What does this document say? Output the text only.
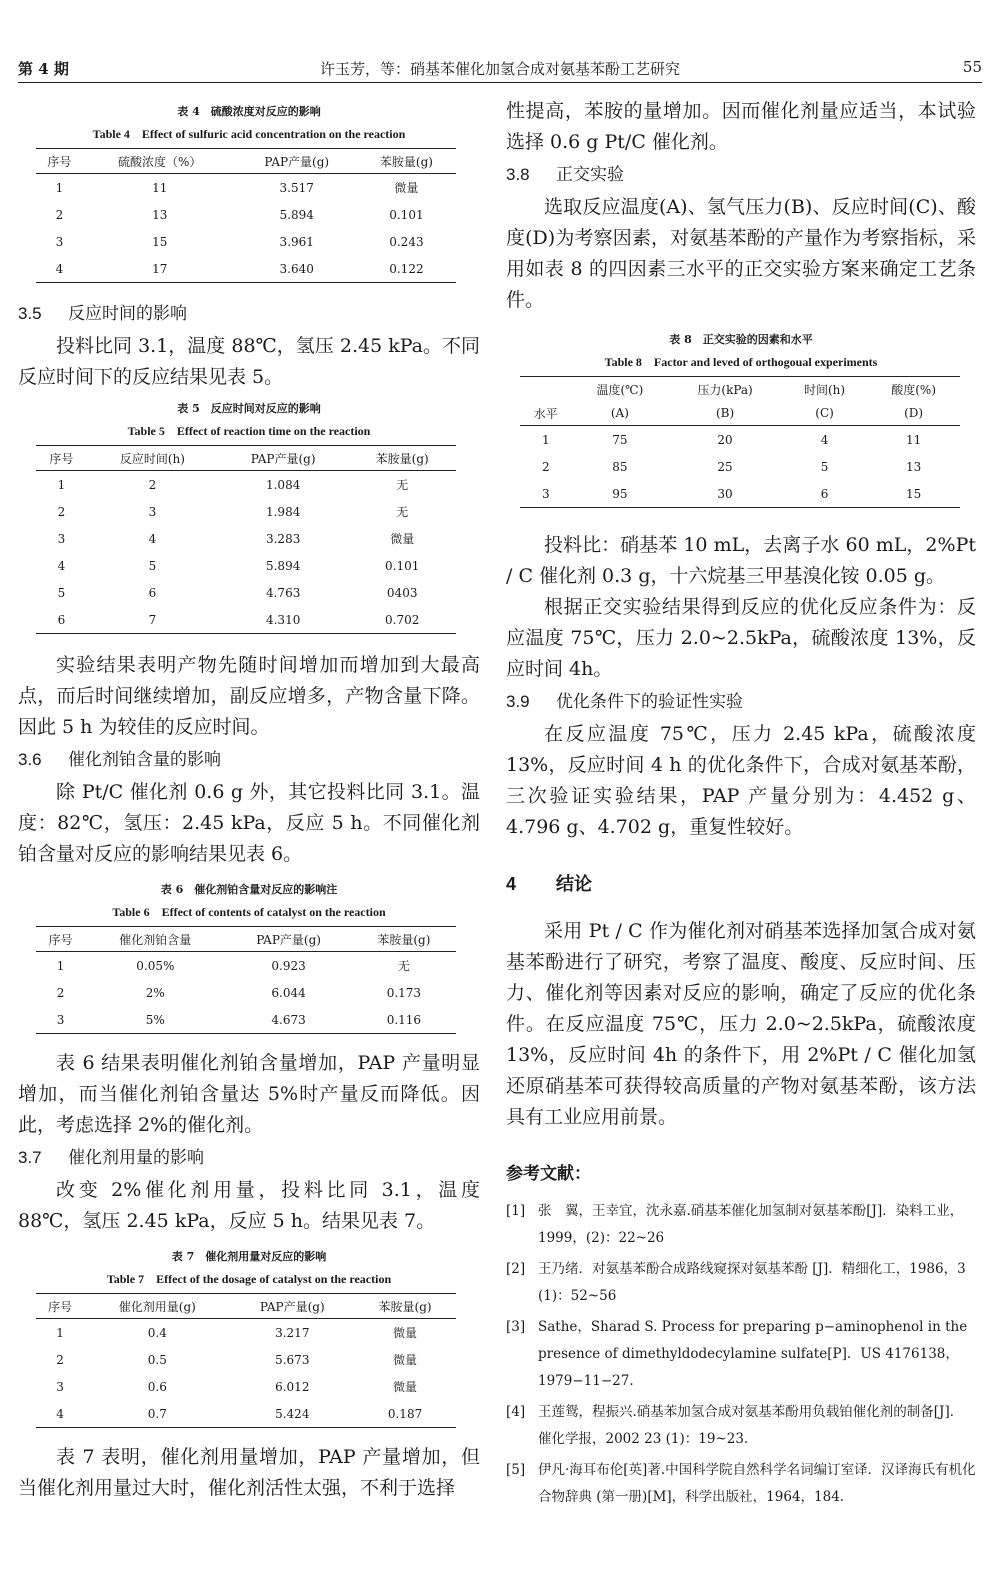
第 4 期	许玉芳，等：硝基苯催化加氢合成对氨基苯酚工艺研究	55
表 4　硫酸浓度对反应的影响
Table 4　Effect of sulfuric acid concentration on the reaction
序号	硫酸浓度（%）	PAP产量(g)	苯胺量(g)
1	11	3.517	微量
2	13	5.894	0.101
3	15	3.961	0.243
4	17	3.640	0.122
3.5 反应时间的影响

投料比同 3.1，温度 88℃，氢压 2.45 kPa。不同反应时间下的反应结果见表 5。

表 5　反应时间对反应的影响
Table 5　Effect of reaction time on the reaction
序号	反应时间(h)	PAP产量(g)	苯胺量(g)
1	2	1.084	无
2	3	1.984	无
3	4	3.283	微量
4	5	5.894	0.101
5	6	4.763	0403
6	7	4.310	0.702

实验结果表明产物先随时间增加而增加到大最高点，而后时间继续增加，副反应增多，产物含量下降。因此 5 h 为较佳的反应时间。

3.6 催化剂铂含量的影响

除 Pt/C 催化剂 0.6 g 外，其它投料比同 3.1。温度：82℃，氢压：2.45 kPa，反应 5 h。不同催化剂铂含量对反应的影响结果见表 6。

表 6　催化剂铂含量对反应的影响注
Table 6　Effect of contents of catalyst on the reaction
序号	催化剂铂含量	PAP产量(g)	苯胺量(g)
1	0.05%	0.923	无
2	2%	6.044	0.173
3	5%	4.673	0.116

表 6 结果表明催化剂铂含量增加，PAP 产量明显增加，而当催化剂铂含量达 5%时产量反而降低。因此，考虑选择 2%的催化剂。

3.7 催化剂用量的影响

改变 2%催化剂用量，投料比同 3.1，温度 88℃，氢压 2.45 kPa，反应 5 h。结果见表 7。

表 7　催化剂用量对反应的影响
Table 7　Effect of the dosage of catalyst on the reaction
序号	催化剂用量(g)	PAP产量(g)	苯胺量(g)
1	0.4	3.217	微量
2	0.5	5.673	微量
3	0.6	6.012	微量
4	0.7	5.424	0.187

表 7 表明，催化剂用量增加，PAP 产量增加，但当催化剂用量过大时，催化剂活性太强，不利于选择

性提高，苯胺的量增加。因而催化剂量应适当，本试验选择 0.6 g Pt/C 催化剂。

3.8 正交实验

选取反应温度(A)、氢气压力(B)、反应时间(C)、酸度(D)为考察因素，对氨基苯酚的产量作为考察指标，采用如表 8 的四因素三水平的正交实验方案来确定工艺条件。

表 8　正交实验的因素和水平
Table 8　Factor and leved of orthogoual experiments
	温度(℃)	压力(kPa)	时间(h)	酸度(%)
水平	(A)	(B)	(C)	(D)
1	75	20	4	11
2	85	25	5	13
3	95	30	6	15

投料比：硝基苯 10 mL，去离子水 60 mL，2%Pt / C 催化剂 0.3 g，十六烷基三甲基溴化铵 0.05 g。

根据正交实验结果得到反应的优化反应条件为：反应温度 75℃，压力 2.0~2.5kPa，硫酸浓度 13%，反应时间 4h。

3.9 优化条件下的验证性实验

在反应温度 75℃，压力 2.45 kPa，硫酸浓度 13%，反应时间 4 h 的优化条件下，合成对氨基苯酚，三次验证实验结果，PAP 产量分别为：4.452 g、4.796 g、4.702 g，重复性较好。

4 结论

采用 Pt / C 作为催化剂对硝基苯选择加氢合成对氨基苯酚进行了研究，考察了温度、酸度、反应时间、压力、催化剂等因素对反应的影响，确定了反应的优化条件。在反应温度 75℃，压力 2.0~2.5kPa，硫酸浓度 13%，反应时间 4h 的条件下，用 2%Pt / C 催化加氢还原硝基苯可获得较高质量的产物对氨基苯酚，该方法具有工业应用前景。

参考文献：
[1] 张　翼，王幸宜，沈永嘉.硝基苯催化加氢制对氨基苯酚[J]．染料工业，1999，(2)：22~26
[2] 王乃绪．对氨基苯酚合成路线窥探对氨基苯酚 [J]．精细化工，1986，3 (1)：52~56
[3] Sathe，Sharad S. Process for preparing p−aminophenol in the presence of dimethyldodecylamine sulfate[P]．US 4176138，1979−11−27.
[4] 王莲鸳，程振兴.硝基苯加氢合成对氨基苯酚用负载铂催化剂的制备[J]．催化学报，2002 23 (1)：19~23.
[5] 伊凡·海耳布伦[英]著.中国科学院自然科学名词编订室译．汉译海氏有机化合物辞典 (第一册)[M]，科学出版社，1964，184.
